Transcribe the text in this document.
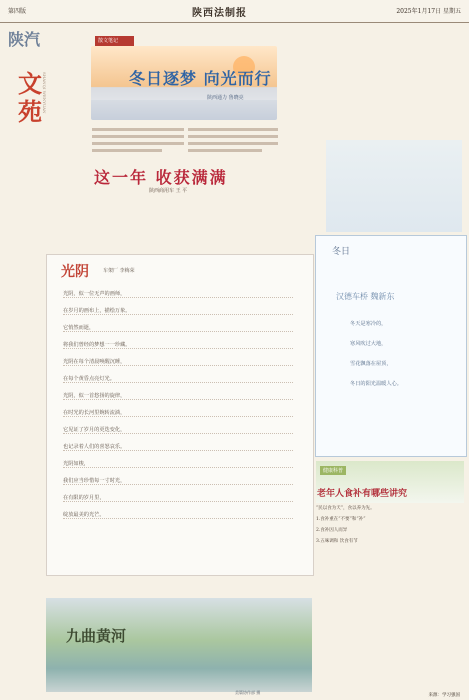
第四版	陕西法制报	2025年1月17日 星期五
陕汽
文苑 SHANQI WENYUAN
散文笔记
冬日逐梦 向光而行
陕西通力 鲁晓亮
这一年 收获满满
陕西商用车 王 平
光阴	车架厂 李梅荣
光阴，似一位无声的画师，
在岁月的画布上，描绘万象。
它悄然而逝，
将我们曾经的梦想一一珍藏。
光阴在每个清晨唤醒沉睡，
在每个黄昏点亮灯光。
光阴，似一首悠扬的旋律，
在时光的长河里婉转流淌，
它见证了岁月的更迭变化，
也记录着人们的喜怒哀乐。
光阴如梭，
我们应当珍惜每一寸时光，
在有限的岁月里，
绽放最美的光芒。
九曲黄河
美篇协作部 摄
冬日
汉德车桥 魏新东
冬天是寒冷的，
寒风吹过大地，
雪花飘落在屋顶，
冬日的阳光温暖人心。
健康科普
老年人食补有哪些讲究
“民以食为天”，食以养为先。
1.食补重在“不要”和“补”
2.食补因人而异
3.五味调和 饮食有节
来源：学习强国
